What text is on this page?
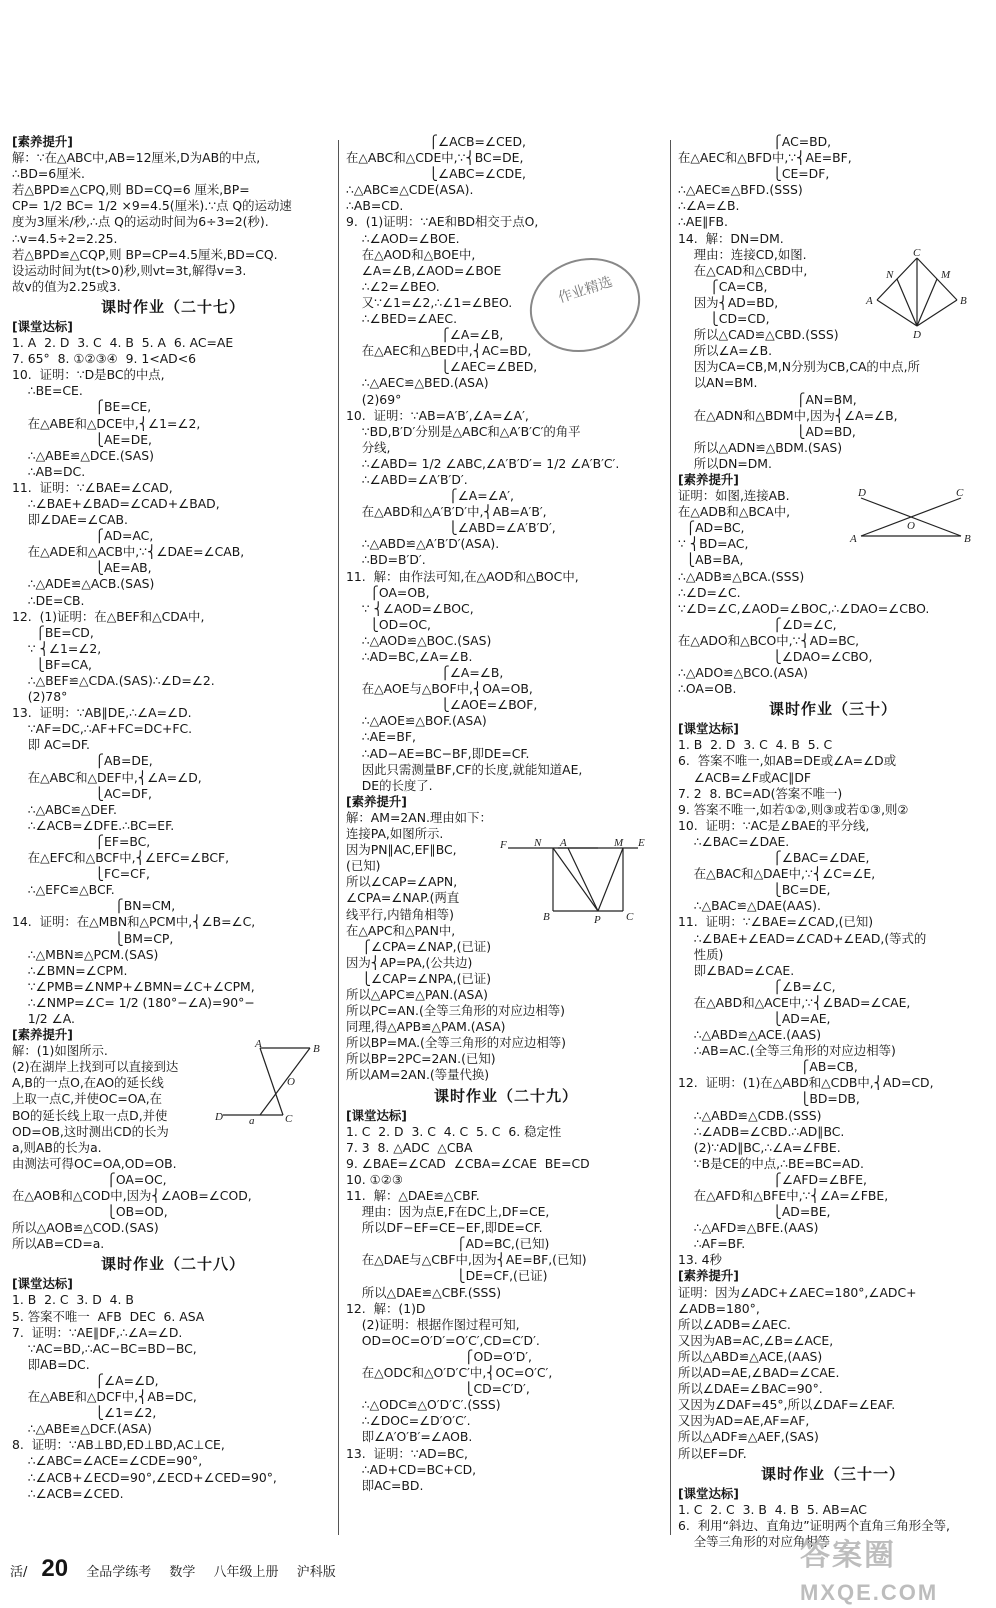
[素养提升]
解：∵在△ABC中,AB=12厘米,D为AB的中点,
∴BD=6厘米.
若△BPD≌△CPQ,则 BD=CQ=6 厘米,BP=
CP= 1/2 BC= 1/2 ×9=4.5(厘米).∵点 Q的运动速
度为3厘米/秒,∴点 Q的运动时间为6÷3=2(秒).
∴v=4.5÷2=2.25.
若△BPD≌△CQP,则 BP=CP=4.5厘米,BD=CQ.
设运动时间为t(t>0)秒,则vt=3t,解得v=3.
故v的值为2.25或3.
课时作业（二十七）
[课堂达标]
1. A  2. D  3. C  4. B  5. A  6. AC=AE
7. 65°  8. ①②③④  9. 1<AD<6
10.  证明：∵D是BC的中点,
∴BE=CE.
⎧BE=CE,
在△ABE和△DCE中,⎨∠1=∠2,
⎩AE=DE,
∴△ABE≌△DCE.(SAS)
∴AB=DC.
11.  证明：∵∠BAE=∠CAD,
∴∠BAE+∠BAD=∠CAD+∠BAD,
即∠DAE=∠CAB.
⎧AD=AC,
在△ADE和△ACB中,∵⎨∠DAE=∠CAB,
⎩AE=AB,
∴△ADE≌△ACB.(SAS)
∴DE=CB.
12.  (1)证明：在△BEF和△CDA中,
⎧BE=CD,
∵ ⎨∠1=∠2,
⎩BF=CA,
∴△BEF≌△CDA.(SAS)∴∠D=∠2.
(2)78°
13.  证明：∵AB∥DE,∴∠A=∠D.
∵AF=DC,∴AF+FC=DC+FC.
即 AC=DF.
⎧AB=DE,
在△ABC和△DEF中,⎨∠A=∠D,
⎩AC=DF,
∴△ABC≌△DEF.
∴∠ACB=∠DFE.∴BC=EF.
⎧EF=BC,
在△EFC和△BCF中,⎨∠EFC=∠BCF,
⎩FC=CF,
∴△EFC≌△BCF.
⎧BN=CM,
14.  证明：在△MBN和△PCM中,⎨∠B=∠C,
⎩BM=CP,
∴△MBN≌△PCM.(SAS)
∴∠BMN=∠CPM.
∵∠PMB=∠NMP+∠BMN=∠C+∠CPM,
∴∠NMP=∠C= 1/2 (180°−∠A)=90°−
1/2 ∠A.
[素养提升]
解：(1)如图所示.
(2)在湖岸上找到可以直接到达
A,B的一点O,在AO的延长线
上取一点C,并使OC=OA,在
BO的延长线上取一点D,并使
OD=OB,这时测出CD的长为
a,则AB的长为a.
由测法可得OC=OA,OD=OB.
⎧OA=OC,
在△AOB和△COD中,因为⎨∠AOB=∠COD,
⎩OB=OD,
所以△AOB≌△COD.(SAS)
所以AB=CD=a.
课时作业（二十八）
[课堂达标]
1. B  2. C  3. D  4. B
5. 答案不唯一  AFB  DEC  6. ASA
7.  证明：∵AE∥DF,∴∠A=∠D.
∵AC=BD,∴AC−BC=BD−BC,
即AB=DC.
⎧∠A=∠D,
在△ABE和△DCF中,⎨AB=DC,
⎩∠1=∠2,
∴△ABE≌△DCF.(ASA)
8.  证明：∵AB⊥BD,ED⊥BD,AC⊥CE,
∴∠ABC=∠ACE=∠CDE=90°,
∴∠ACB+∠ECD=90°,∠ECD+∠CED=90°,
∴∠ACB=∠CED.
⎧∠ACB=∠CED,
在△ABC和△CDE中,∵⎨BC=DE,
⎩∠ABC=∠CDE,
∴△ABC≌△CDE(ASA).
∴AB=CD.
9.  (1)证明：∵AE和BD相交于点O,
∴∠AOD=∠BOE.
在△AOD和△BOE中,
∠A=∠B,∠AOD=∠BOE
∴∠2=∠BEO.
又∵∠1=∠2,∴∠1=∠BEO.
∴∠BED=∠AEC.
⎧∠A=∠B,
在△AEC和△BED中,⎨AC=BD,
⎩∠AEC=∠BED,
∴△AEC≌△BED.(ASA)
(2)69°
10.  证明：∵AB=A′B′,∠A=∠A′,
∵BD,B′D′分别是△ABC和△A′B′C′的角平
分线,
∴∠ABD= 1/2 ∠ABC,∠A′B′D′= 1/2 ∠A′B′C′.
∴∠ABD=∠A′B′D′.
⎧∠A=∠A′,
在△ABD和△A′B′D′中,⎨AB=A′B′,
⎩∠ABD=∠A′B′D′,
∴△ABD≌△A′B′D′(ASA).
∴BD=B′D′.
11.  解：由作法可知,在△AOD和△BOC中,
⎧OA=OB,
∵ ⎨∠AOD=∠BOC,
⎩OD=OC,
∴△AOD≌△BOC.(SAS)
∴AD=BC,∠A=∠B.
⎧∠A=∠B,
在△AOE与△BOF中,⎨OA=OB,
⎩∠AOE=∠BOF,
∴△AOE≌△BOF.(ASA)
∴AE=BF,
∴AD−AE=BC−BF,即DE=CF.
因此只需测量BF,CF的长度,就能知道AE,
DE的长度了.
[素养提升]
解：AM=2AN.理由如下：
连接PA,如图所示.
因为PN∥AC,EF∥BC,
(已知)
所以∠CAP=∠APN,
∠CPA=∠NAP.(两直
线平行,内错角相等)
在△APC和△PAN中,
⎧∠CPA=∠NAP,(已证)
因为⎨AP=PA,(公共边)
⎩∠CAP=∠NPA,(已证)
所以△APC≌△PAN.(ASA)
所以PC=AN.(全等三角形的对应边相等)
同理,得△APB≌△PAM.(ASA)
所以BP=MA.(全等三角形的对应边相等)
所以BP=2PC=2AN.(已知)
所以AM=2AN.(等量代换)
课时作业（二十九）
[课堂达标]
1. C  2. D  3. C  4. C  5. C  6. 稳定性
7. 3  8. △ADC  △CBA
9. ∠BAE=∠CAD  ∠CBA=∠CAE  BE=CD
10. ①②③
11.  解：△DAE≌△CBF.
理由：因为点E,F在DC上,DF=CE,
所以DF−EF=CE−EF,即DE=CF.
⎧AD=BC,(已知)
在△DAE与△CBF中,因为⎨AE=BF,(已知)
⎩DE=CF,(已证)
所以△DAE≌△CBF.(SSS)
12.  解：(1)D
(2)证明：根据作图过程可知,
OD=OC=O′D′=O′C′,CD=C′D′.
⎧OD=O′D′,
在△ODC和△O′D′C′中,⎨OC=O′C′,
⎩CD=C′D′,
∴△ODC≌△O′D′C′.(SSS)
∴∠DOC=∠D′O′C′.
即∠A′O′B′=∠AOB.
13.  证明：∵AD=BC,
∴AD+CD=BC+CD,
即AC=BD.
⎧AC=BD,
在△AEC和△BFD中,∵⎨AE=BF,
⎩CE=DF,
∴△AEC≌△BFD.(SSS)
∴∠A=∠B.
∴AE∥FB.
14.  解：DN=DM.
理由：连接CD,如图.
在△CAD和△CBD中,
⎧CA=CB,
因为⎨AD=BD,
⎩CD=CD,
所以△CAD≌△CBD.(SSS)
所以∠A=∠B.
因为CA=CB,M,N分别为CB,CA的中点,所
以AN=BM.
⎧AN=BM,
在△ADN和△BDM中,因为⎨∠A=∠B,
⎩AD=BD,
所以△ADN≌△BDM.(SAS)
所以DN=DM.
[素养提升]
证明：如图,连接AB.
在△ADB和△BCA中,
⎧AD=BC,
∵ ⎨BD=AC,
⎩AB=BA,
∴△ADB≌△BCA.(SSS)
∴∠D=∠C.
∵∠D=∠C,∠AOD=∠BOC,∴∠DAO=∠CBO.
⎧∠D=∠C,
在△ADO和△BCO中,∵⎨AD=BC,
⎩∠DAO=∠CBO,
∴△ADO≌△BCO.(ASA)
∴OA=OB.
课时作业（三十）
[课堂达标]
1. B  2. D  3. C  4. B  5. C
6.  答案不唯一,如AB=DE或∠A=∠D或
∠ACB=∠F或AC∥DF
7. 2  8. BC=AD(答案不唯一)
9. 答案不唯一,如若①②,则③或若①③,则②
10.  证明：∵AC是∠BAE的平分线,
∴∠BAC=∠DAE.
⎧∠BAC=∠DAE,
在△BAC和△DAE中,∵⎨∠C=∠E,
⎩BC=DE,
∴△BAC≌△DAE(AAS).
11.  证明：∵∠BAE=∠CAD,(已知)
∴∠BAE+∠EAD=∠CAD+∠EAD,(等式的
性质)
即∠BAD=∠CAE.
⎧∠B=∠C,
在△ABD和△ACE中,∵⎨∠BAD=∠CAE,
⎩AD=AE,
∴△ABD≌△ACE.(AAS)
∴AB=AC.(全等三角形的对应边相等)
⎧AB=CB,
12.  证明：(1)在△ABD和△CDB中,⎨AD=CD,
⎩BD=DB,
∴△ABD≌△CDB.(SSS)
∴∠ADB=∠CBD.∴AD∥BC.
(2)∵AD∥BC,∴∠A=∠FBE.
∵B是CE的中点,∴BE=BC=AD.
⎧∠AFD=∠BFE,
在△AFD和△BFE中,∵⎨∠A=∠FBE,
⎩AD=BE,
∴△AFD≌△BFE.(AAS)
∴AF=BF.
13. 4秒
[素养提升]
证明：因为∠ADC+∠AEC=180°,∠ADC+
∠ADB=180°,
所以∠ADB=∠AEC.
又因为AB=AC,∠B=∠ACE,
所以△ABD≌△ACE,(AAS)
所以AD=AE,∠BAD=∠CAE.
所以∠DAE=∠BAC=90°.
又因为∠DAF=45°,所以∠DAF=∠EAF.
又因为AD=AE,AF=AF,
所以△ADF≌△AEF,(SAS)
所以EF=DF.
课时作业（三十一）
[课堂达标]
1. C  2. C  3. B  4. B  5. AB=AC
6.  利用“斜边、直角边”证明两个直角三角形全等,
全等三角形的对应角相等
A	B
O
C
D a
F N A	M E
B	P C
C
N	M
A	B
D
D	C
O
A	B
作业精选
活/ 20 全品学练考 数学 八年级上册 沪科版
答案圈
MXQE.COM
